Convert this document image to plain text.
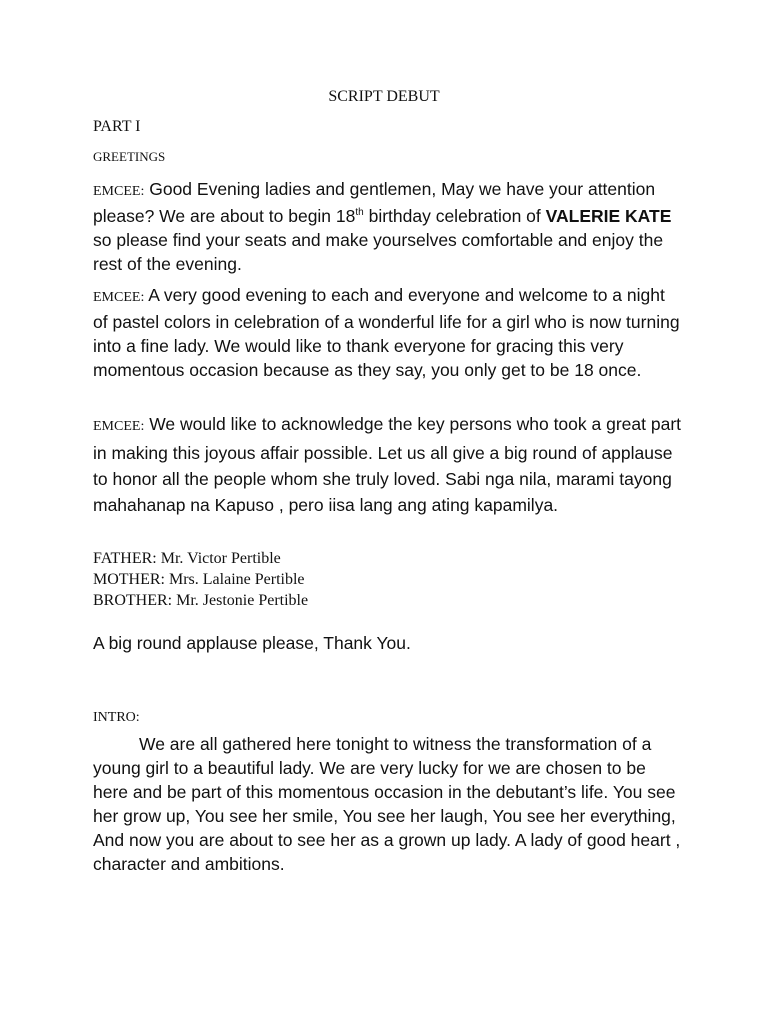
SCRIPT DEBUT
PART I
GREETINGS
EMCEE: Good Evening ladies and gentlemen, May we have your attention please? We are about to begin 18th birthday celebration of VALERIE KATE so please find your seats and make yourselves comfortable and enjoy the rest of the evening.
EMCEE: A very good evening to each and everyone and welcome to a night of pastel colors in celebration of a wonderful life for a girl who is now turning into a fine lady. We would like to thank everyone for gracing this very momentous occasion because as they say, you only get to be 18 once.
EMCEE: We would like to acknowledge the key persons who took a great part in making this joyous affair possible. Let us all give a big round of applause to honor all the people whom she truly loved. Sabi nga nila, marami tayong mahahanap na Kapuso , pero iisa lang ang ating kapamilya.
FATHER: Mr. Victor Pertible
MOTHER: Mrs. Lalaine Pertible
BROTHER: Mr. Jestonie Pertible
A big round applause please, Thank You.
INTRO:
We are all gathered here tonight to witness the transformation of a young girl to a beautiful lady. We are very lucky for we are chosen to be here and be part of this momentous occasion in the debutant’s life. You see her grow up, You see her smile, You see her laugh, You see her everything, And now you are about to see her as a grown up lady. A lady of good heart , character and ambitions.
